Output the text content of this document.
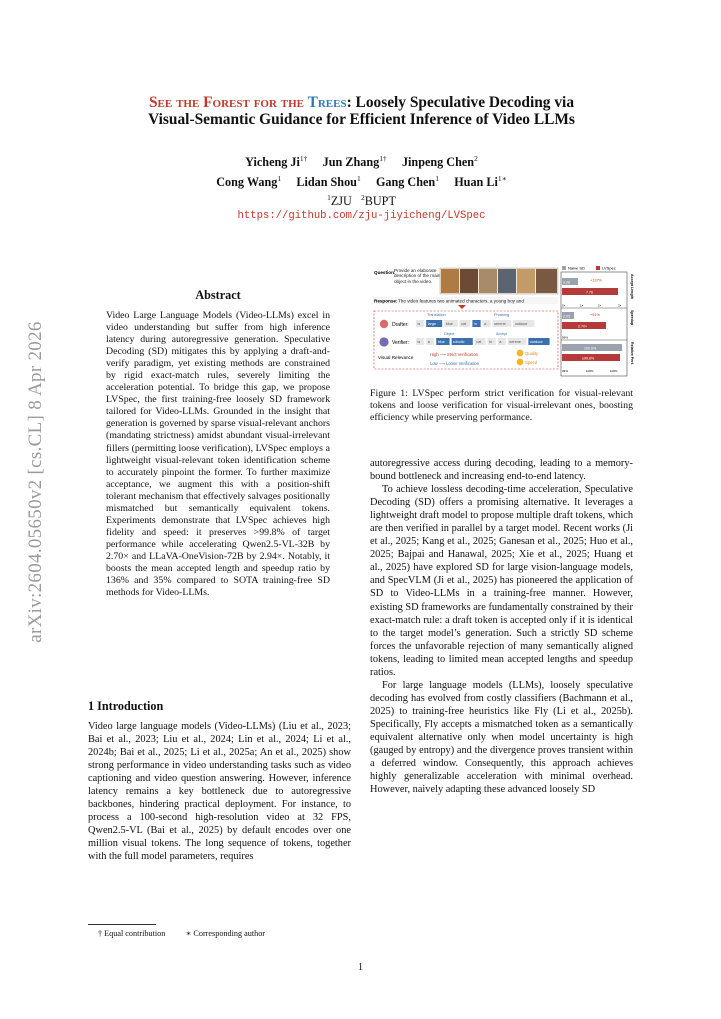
arXiv:2604.05650v2 [cs.CL] 8 Apr 2026
See the Forest for the Trees: Loosely Speculative Decoding via
Visual-Semantic Guidance for Efficient Inference of Video LLMs
Yicheng $Ji^{1\dagger}$ Jun Zhang$^{1\dagger}$ Jinpeng Chen$^2$
Cong Wang$^1$ Lidan Shou$^1$ Gang Chen$^1$ Huan $Li^{1∗}$
$^1$ZJU $^2$BUPT
https://github.com/zju-jiyicheng/LVSpec
Question:
Provide an elaborate description of the main object in the video.
Response: The video features two animated characters, a young boy and
Translation	Phrasing
Drafter: is large	blue cat in a serene outdoor
Object	Accept
Verifier: is a blue robotic	cat in a serene outdoor
Visual Relevance
High ⟶ Strict Verification
Low ⟶ Loose Verification
Quality
Speed
Naive SD	LVSpec
3.28
7.76
+137%
0×	1×	2×	3×
2.03
2.70×
+91%
99%
100.0%
≥99.8%
99%	100%	100%
Accept Length
Speedup
Relative Perf.
Figure 1: LVSpec perform strict verification for visual-relevant tokens and loose verification for visual-irrelevant ones, boosting efficiency while preserving performance.
Abstract
Video Large Language Models (Video-LLMs) excel in video understanding but suffer from high inference latency during autoregressive generation. Speculative Decoding (SD) mitigates this by applying a draft-and-verify paradigm, yet existing methods are constrained by rigid exact-match rules, severely limiting the acceleration potential. To bridge this gap, we propose LVSpec, the first training-free loosely SD framework tailored for Video-LLMs. Grounded in the insight that generation is governed by sparse visual-relevant anchors (mandating strictness) amidst abundant visual-irrelevant fillers (permitting loose verification), LVSpec employs a lightweight visual-relevant token identification scheme to accurately pinpoint the former. To further maximize acceptance, we augment this with a position-shift tolerant mechanism that effectively salvages positionally mismatched but semantically equivalent tokens. Experiments demonstrate that LVSpec achieves high fidelity and speed: it preserves >99.8% of target performance while accelerating Qwen2.5-VL-32B by 2.70× and LLaVA-OneVision-72B by 2.94×. Notably, it boosts the mean accepted length and speedup ratio by 136% and 35% compared to SOTA training-free SD methods for Video-LLMs.
1 Introduction

Video large language models (Video-LLMs) (Liu et al., 2023; Bai et al., 2023; Liu et al., 2024; Lin et al., 2024; Li et al., 2024b; Bai et al., 2025; Li et al., 2025a; An et al., 2025) show strong performance in video understanding tasks such as video captioning and video question answering. However, inference latency remains a key bottleneck due to autoregressive backbones, hindering practical deployment. For instance, to process a 100-second high-resolution video at 32 FPS, Qwen2.5-VL (Bai et al., 2025) by default encodes over one million visual tokens. The long sequence of tokens, together with the full model parameters, requires

autoregressive access during decoding, leading to a memory-bound bottleneck and increasing end-to-end latency.

To achieve lossless decoding-time acceleration, Speculative Decoding (SD) offers a promising alternative. It leverages a lightweight draft model to propose multiple draft tokens, which are then verified in parallel by a target model. Recent works (Ji et al., 2025; Kang et al., 2025; Ganesan et al., 2025; Huo et al., 2025; Bajpai and Hanawal, 2025; Xie et al., 2025; Huang et al., 2025) have explored SD for large vision-language models, and SpecVLM (Ji et al., 2025) has pioneered the application of SD to Video-LLMs in a training-free manner. However, existing SD frameworks are fundamentally constrained by their exact-match rule: a draft token is accepted only if it is identical to the target model’s generation. Such a strictly SD scheme forces the unfavorable rejection of many semantically aligned tokens, leading to limited mean accepted lengths and speedup ratios.

For large language models (LLMs), loosely speculative decoding has evolved from costly classifiers (Bachmann et al., 2025) to training-free heuristics like Fly (Li et al., 2025b). Specifically, Fly accepts a mismatched token as a semantically equivalent alternative only when model uncertainty is high (gauged by entropy) and the divergence proves transient within a deferred window. Consequently, this approach achieves highly generalizable acceleration with minimal overhead. However, naively adapting these advanced loosely SD

† Equal contribution ∗ Corresponding author
1
